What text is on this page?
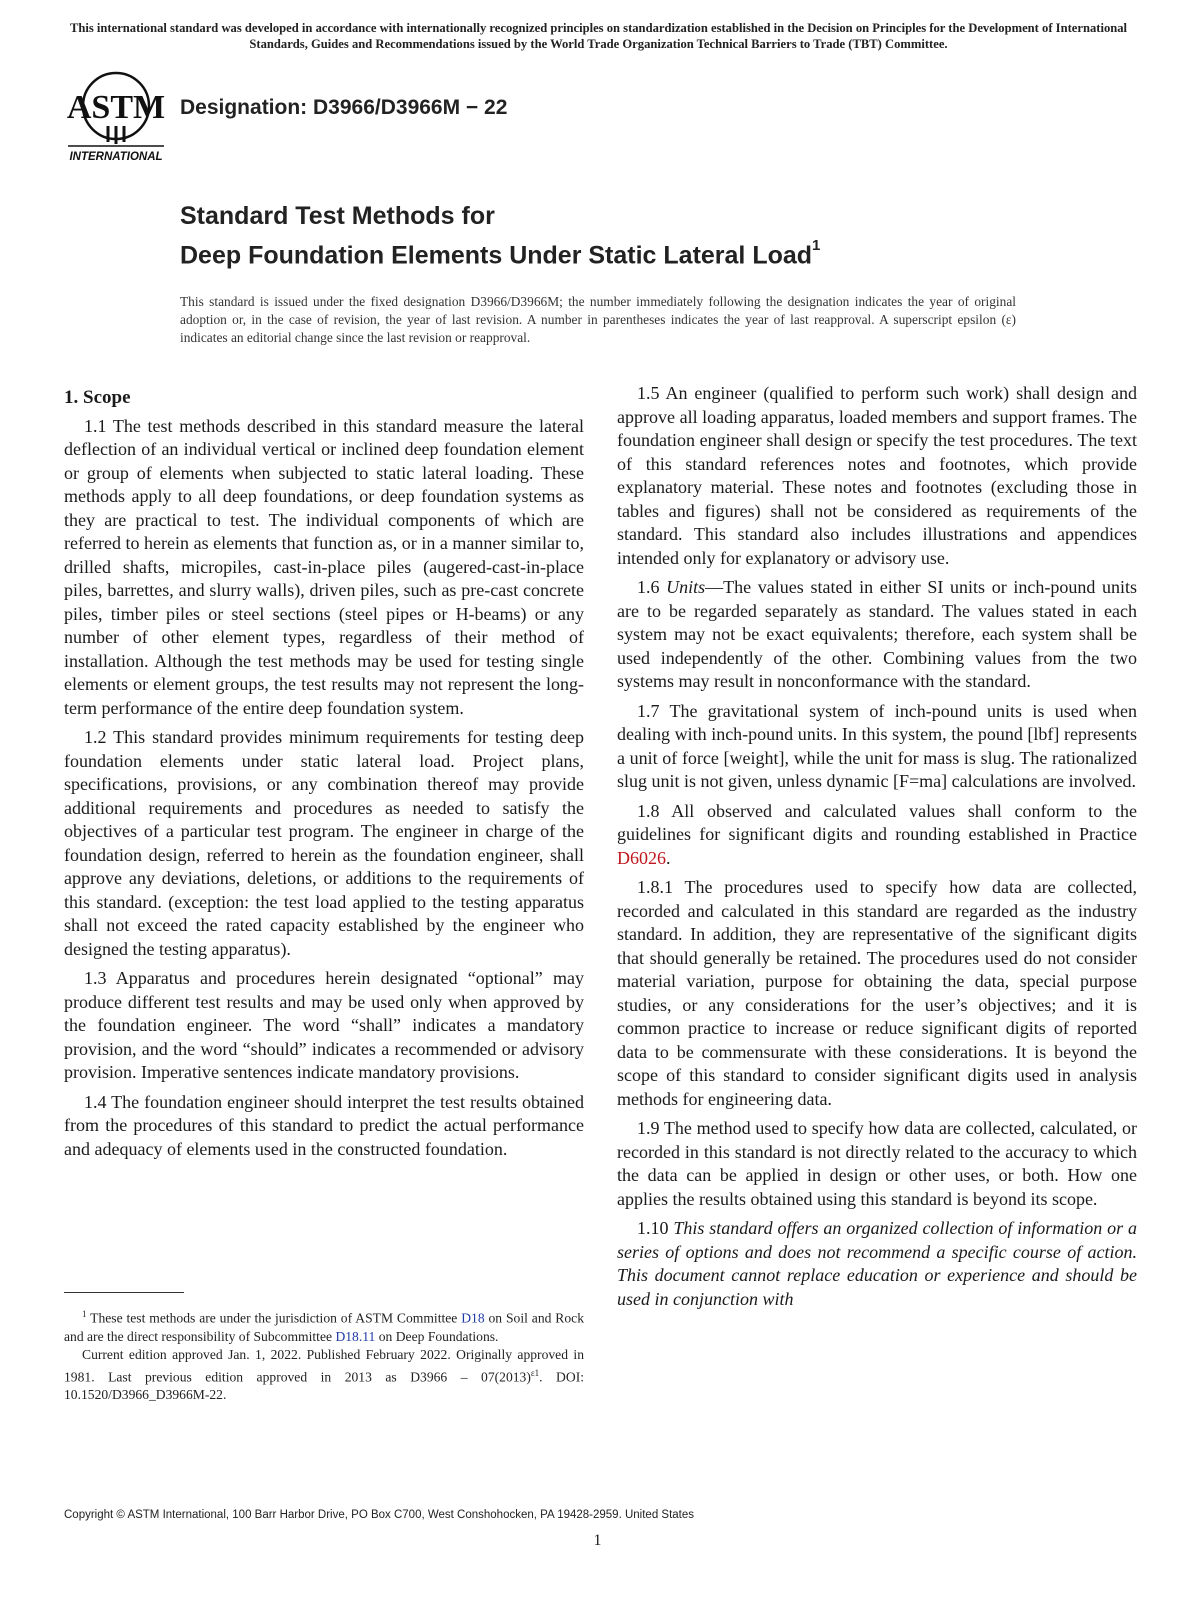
This international standard was developed in accordance with internationally recognized principles on standardization established in the Decision on Principles for the Development of International Standards, Guides and Recommendations issued by the World Trade Organization Technical Barriers to Trade (TBT) Committee.
ASTM
INTERNATIONAL
Designation: D3966/D3966M − 22
Standard Test Methods for
Deep Foundation Elements Under Static Lateral Load$^1$
This standard is issued under the fixed designation D3966/D3966M; the number immediately following the designation indicates the year of original adoption or, in the case of revision, the year of last revision. A number in parentheses indicates the year of last reapproval. A superscript epsilon (ε) indicates an editorial change since the last revision or reapproval.
1. Scope

1.1 The test methods described in this standard measure the lateral deflection of an individual vertical or inclined deep foundation element or group of elements when subjected to static lateral loading. These methods apply to all deep foundations, or deep foundation systems as they are practical to test. The individual components of which are referred to herein as elements that function as, or in a manner similar to, drilled shafts, micropiles, cast-in-place piles (augered-cast-in-place piles, barrettes, and slurry walls), driven piles, such as pre-cast concrete piles, timber piles or steel sections (steel pipes or H-beams) or any number of other element types, regardless of their method of installation. Although the test methods may be used for testing single elements or element groups, the test results may not represent the long-term performance of the entire deep foundation system.

1.2 This standard provides minimum requirements for testing deep foundation elements under static lateral load. Project plans, specifications, provisions, or any combination thereof may provide additional requirements and procedures as needed to satisfy the objectives of a particular test program. The engineer in charge of the foundation design, referred to herein as the foundation engineer, shall approve any deviations, deletions, or additions to the requirements of this standard. (exception: the test load applied to the testing apparatus shall not exceed the rated capacity established by the engineer who designed the testing apparatus).

1.3 Apparatus and procedures herein designated “optional” may produce different test results and may be used only when approved by the foundation engineer. The word “shall” indicates a mandatory provision, and the word “should” indicates a recommended or advisory provision. Imperative sentences indicate mandatory provisions.

1.4 The foundation engineer should interpret the test results obtained from the procedures of this standard to predict the actual performance and adequacy of elements used in the constructed foundation.

$^1$ These test methods are under the jurisdiction of ASTM Committee D18 on Soil and Rock and are the direct responsibility of Subcommittee D18.11 on Deep Foundations.

Current edition approved Jan. 1, 2022. Published February 2022. Originally approved in 1981. Last previous edition approved in 2013 as $D3966 - 07(2013)^{\varepsilon 1}$. DOI: 10.1520/D3966_D3966M-22.

1.5 An engineer (qualified to perform such work) shall design and approve all loading apparatus, loaded members and support frames. The foundation engineer shall design or specify the test procedures. The text of this standard references notes and footnotes, which provide explanatory material. These notes and footnotes (excluding those in tables and figures) shall not be considered as requirements of the standard. This standard also includes illustrations and appendices intended only for explanatory or advisory use.

1.6 Units—The values stated in either SI units or inch-pound units are to be regarded separately as standard. The values stated in each system may not be exact equivalents; therefore, each system shall be used independently of the other. Combining values from the two systems may result in nonconformance with the standard.

1.7 The gravitational system of inch-pound units is used when dealing with inch-pound units. In this system, the pound [lbf] represents a unit of force [weight], while the unit for mass is slug. The rationalized slug unit is not given, unless dynamic [F=ma] calculations are involved.

1.8 All observed and calculated values shall conform to the guidelines for significant digits and rounding established in Practice D6026.

1.8.1 The procedures used to specify how data are collected, recorded and calculated in this standard are regarded as the industry standard. In addition, they are representative of the significant digits that should generally be retained. The procedures used do not consider material variation, purpose for obtaining the data, special purpose studies, or any considerations for the user’s objectives; and it is common practice to increase or reduce significant digits of reported data to be commensurate with these considerations. It is beyond the scope of this standard to consider significant digits used in analysis methods for engineering data.

1.9 The method used to specify how data are collected, calculated, or recorded in this standard is not directly related to the accuracy to which the data can be applied in design or other uses, or both. How one applies the results obtained using this standard is beyond its scope.

1.10 This standard offers an organized collection of information or a series of options and does not recommend a specific course of action. This document cannot replace education or experience and should be used in conjunction with

Copyright © ASTM International, 100 Barr Harbor Drive, PO Box C700, West Conshohocken, PA 19428-2959. United States
1
